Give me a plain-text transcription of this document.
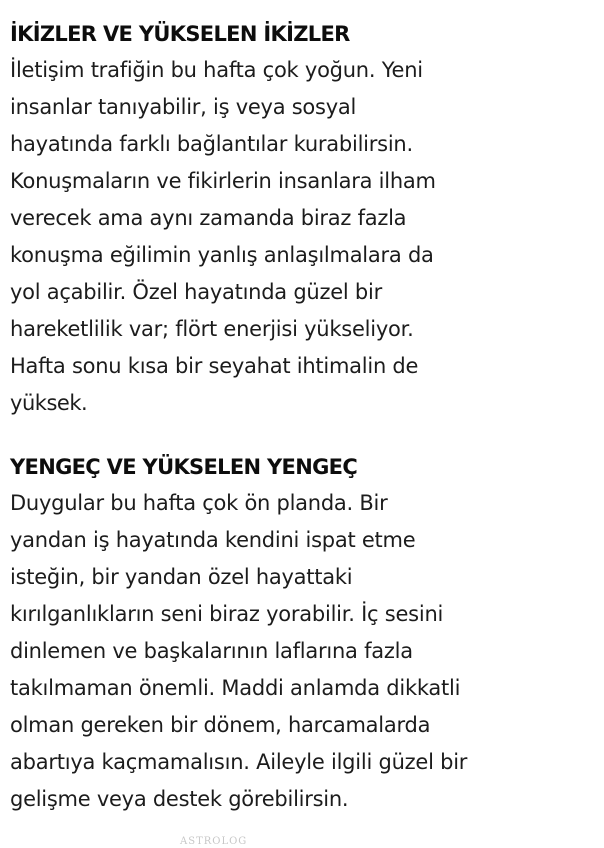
İKİZLER VE YÜKSELEN İKİZLER

İletişim trafiğin bu hafta çok yoğun. Yeni
insanlar tanıyabilir, iş veya sosyal
hayatında farklı bağlantılar kurabilirsin.
Konuşmaların ve fikirlerin insanlara ilham
verecek ama aynı zamanda biraz fazla
konuşma eğilimin yanlış anlaşılmalara da
yol açabilir. Özel hayatında güzel bir
hareketlilik var; flört enerjisi yükseliyor.
Hafta sonu kısa bir seyahat ihtimalin de
yüksek.

YENGEÇ VE YÜKSELEN YENGEÇ

Duygular bu hafta çok ön planda. Bir
yandan iş hayatında kendini ispat etme
isteğin, bir yandan özel hayattaki
kırılganlıkların seni biraz yorabilir. İç sesini
dinlemen ve başkalarının laflarına fazla
takılmaman önemli. Maddi anlamda dikkatli
olman gereken bir dönem, harcamalarda
abartıya kaçmamalısın. Aileyle ilgili güzel bir
gelişme veya destek görebilirsin.

ASTROLOG
